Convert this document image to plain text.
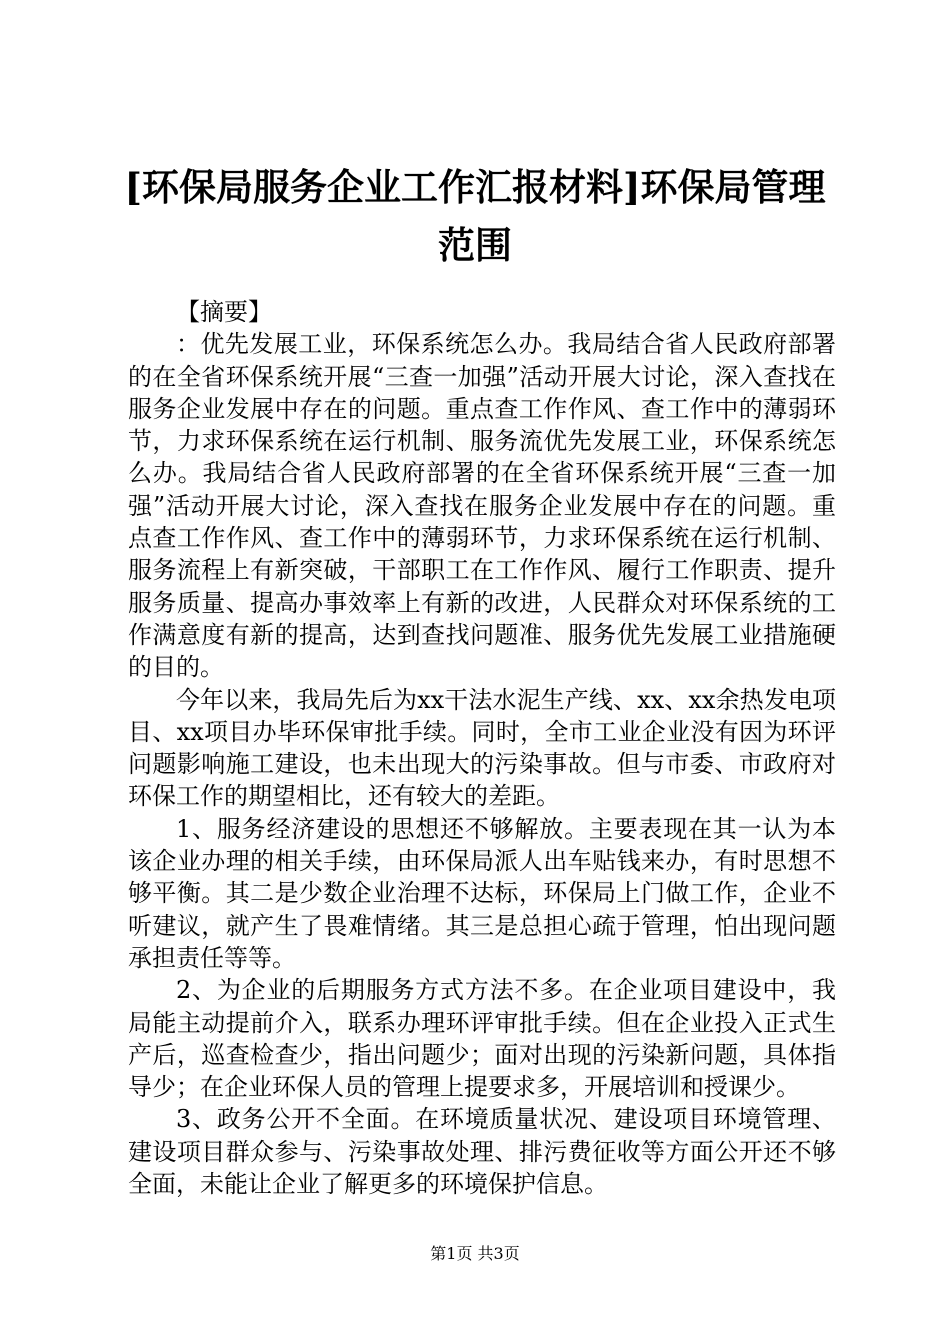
[环保局服务企业工作汇报材料]环保局管理范围

【摘要】

：优先发展工业，环保系统怎么办。我局结合省人民政府部署的在全省环保系统开展“三查一加强”活动开展大讨论，深入查找在服务企业发展中存在的问题。重点查工作作风、查工作中的薄弱环节，力求环保系统在运行机制、服务流优先发展工业，环保系统怎么办。我局结合省人民政府部署的在全省环保系统开展“三查一加强”活动开展大讨论，深入查找在服务企业发展中存在的问题。重点查工作作风、查工作中的薄弱环节，力求环保系统在运行机制、服务流程上有新突破，干部职工在工作作风、履行工作职责、提升服务质量、提高办事效率上有新的改进，人民群众对环保系统的工作满意度有新的提高，达到查找问题准、服务优先发展工业措施硬的目的。

今年以来，我局先后为xx干法水泥生产线、xx、xx余热发电项目、xx项目办毕环保审批手续。同时，全市工业企业没有因为环评问题影响施工建设，也未出现大的污染事故。但与市委、市政府对环保工作的期望相比，还有较大的差距。

1、服务经济建设的思想还不够解放。主要表现在其一认为本该企业办理的相关手续，由环保局派人出车贴钱来办，有时思想不够平衡。其二是少数企业治理不达标，环保局上门做工作，企业不听建议，就产生了畏难情绪。其三是总担心疏于管理，怕出现问题承担责任等等。

2、为企业的后期服务方式方法不多。在企业项目建设中，我局能主动提前介入，联系办理环评审批手续。但在企业投入正式生产后，巡查检查少，指出问题少；面对出现的污染新问题，具体指导少；在企业环保人员的管理上提要求多，开展培训和授课少。

3、政务公开不全面。在环境质量状况、建设项目环境管理、建设项目群众参与、污染事故处理、排污费征收等方面公开还不够全面，未能让企业了解更多的环境保护信息。

第1页 共3页
